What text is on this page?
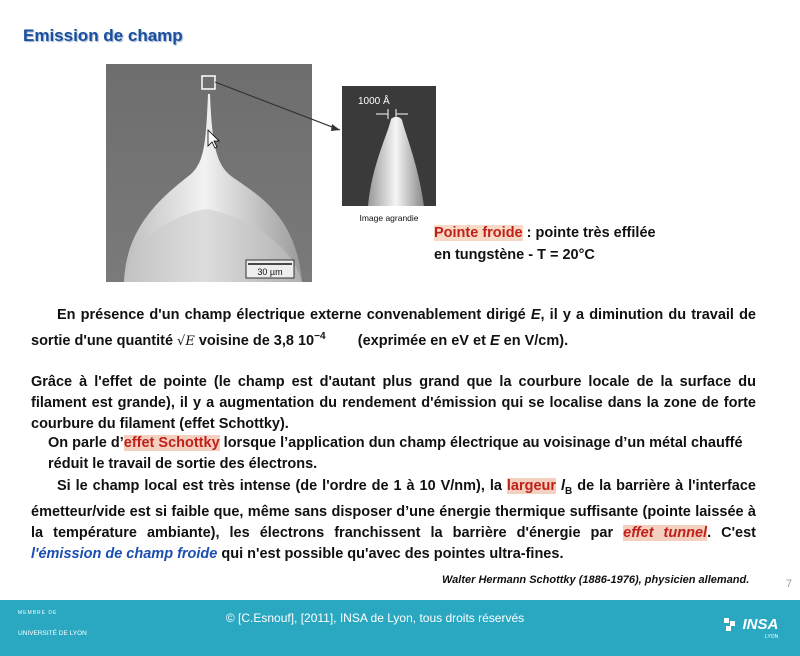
Emission de champ
30 µm
1000 Å
Image agrandie
Pointe froide : pointe très effilée
en tungstène - T = 20°C
En présence d'un champ électrique externe convenablement dirigé E, il y a diminution du travail de sortie d'une quantité √E voisine de 3,8 $10^{-4}$        (exprimée en eV et E en V/cm).
Grâce à l'effet de pointe (le champ est d'autant plus grand que la courbure locale de la surface du filament est grande), il y a augmentation du rendement d'émission qui se localise dans la zone de forte courbure du filament (effet Schottky).
On parle d’effet Schottky lorsque l’application dun champ électrique au voisinage d’un métal chauffé réduit le travail de sortie des électrons.
Si le champ local est très intense (de l'ordre de 1 à 10 V/nm), la largeur $l_B$ de la barrière à l'interface émetteur/vide est si faible que, même sans disposer d’une énergie thermique suffisante (pointe laissée à la température ambiante), les électrons franchissent la barrière d'énergie par effet tunnel. C'est l'émission de champ froide qui n'est possible qu'avec des pointes ultra-fines.
Walter Hermann Schottky (1886-1976), physicien allemand.	7
MEMBRE DE
UNIVERSITÉ DE LYON
© [C.Esnouf], [2011], INSA de Lyon, tous droits réservés	INSA
LYON
